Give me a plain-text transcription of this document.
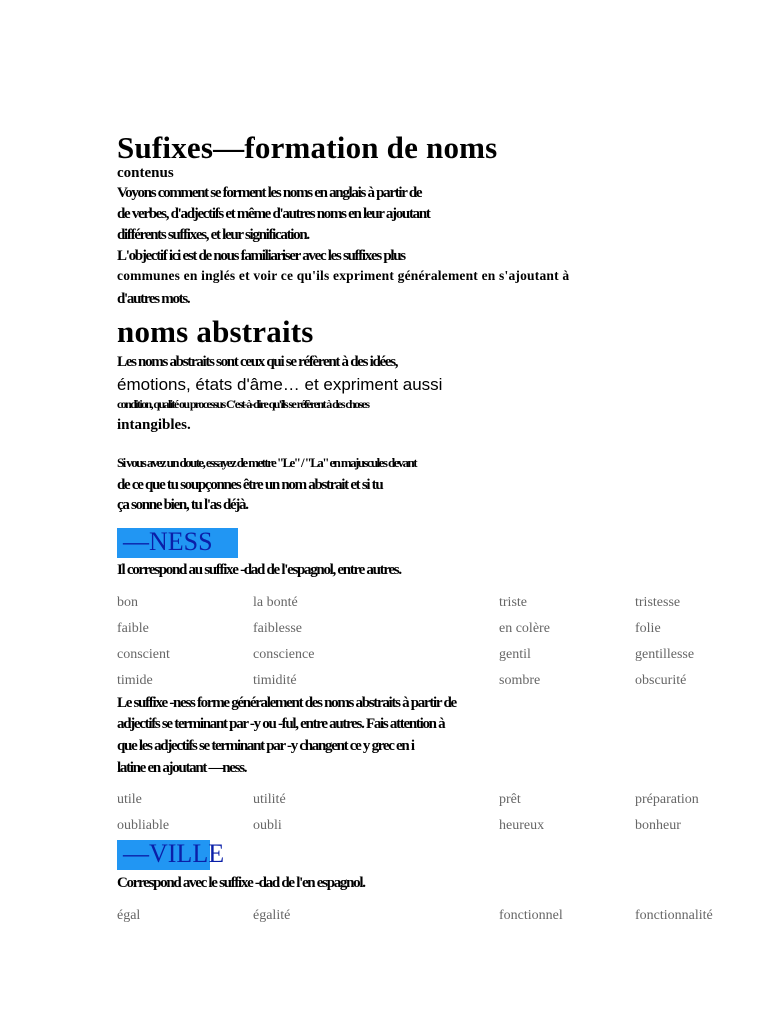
Sufixes—formation de noms
contenus
Voyons comment se forment les noms en anglais à partir de
de verbes, d'adjectifs et même d'autres noms en leur ajoutant
différents suffixes, et leur signification.
L'objectif ici est de nous familiariser avec les suffixes plus
communes en inglés et voir ce qu'ils expriment généralement en s'ajoutant à
d'autres mots.
noms abstraits
Les noms abstraits sont ceux qui se réfèrent à des idées,
émotions, états d'âme… et expriment aussi
condition, qualité ou processus C'est-à-dire qu'ils se réfèrent à des choses
intangibles.
Si vous avez un doute, essayez de mettre "Le" / "La" en majuscules devant
de ce que tu soupçonnes être un nom abstrait et si tu
ça sonne bien, tu l'as déjà.
—NESS
Il correspond au suffixe -dad de l'espagnol, entre autres.
bon	la bonté	triste	tristesse
faible	faiblesse	en colère	folie
conscient	conscience	gentil	gentillesse
timide	timidité	sombre	obscurité
Le suffixe -ness forme généralement des noms abstraits à partir de
adjectifs se terminant par -y ou -ful, entre autres. Fais attention à
que les adjectifs se terminant par -y changent ce y grec en i
latine en ajoutant —ness.
utile	utilité	prêt	préparation
oubliable	oubli	heureux	bonheur
—VILLE
Correspond avec le suffixe -dad de l'en espagnol.
égal	égalité	fonctionnel	fonctionnalité
